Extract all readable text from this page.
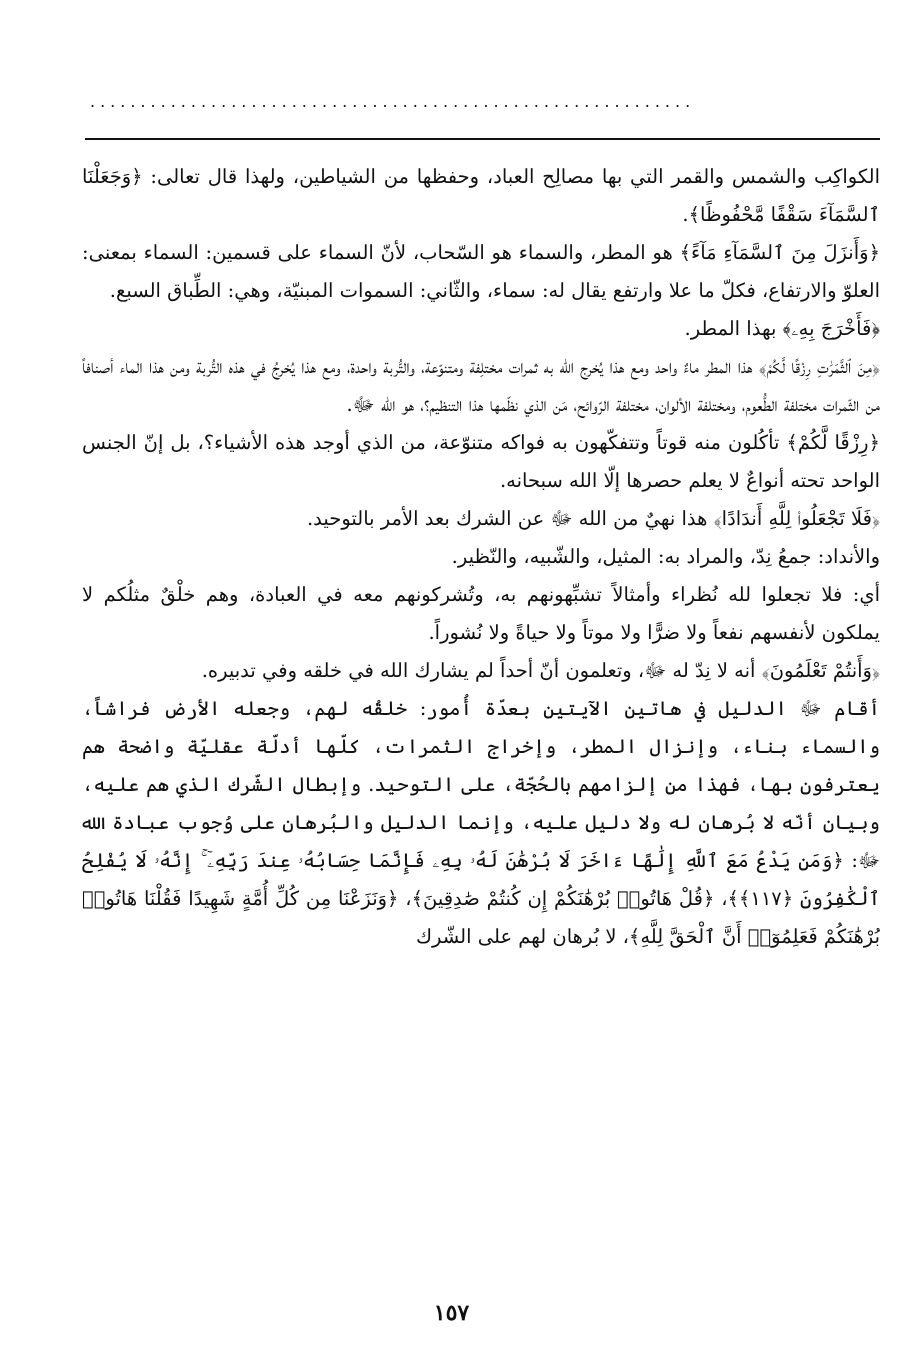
............................................................

الكواكِب والشمس والقمر التي بها مصالِح العباد، وحفظها من الشياطين، ولهذا قال تعالى: ﴿وَجَعَلْنَا ٱلسَّمَآءَ سَقْفًا مَّحْفُوظًا﴾.

﴿وَأَنزَلَ مِنَ ٱلسَّمَآءِ مَآءً﴾ هو المطر، والسماء هو السّحاب، لأنّ السماء على قسمين: السماء بمعنى: العلوّ والارتفاع، فكلّ ما علا وارتفع يقال له: سماء، والثّاني: السموات المبنيّة، وهي: الطِّباق السبع.

﴿فَأَخْرَجَ بِهِۦ﴾ بهذا المطر.

﴿مِنَ ٱلثَّمَرَٰتِ رِزْقًا لَّكُمْ﴾ هذا المطر ماءٌ واحد ومع هذا يُخرج الله به ثمرات مختلِفة ومتنوّعة، والتُّربة واحدة، ومع هذا يُخرجُ في هذه التُّربة ومن هذا الماء أصنافاً من الثّمرات مختلفة الطُّعوم، ومختلفة الألوان، مختلفة الرّوائح، مَن الذي نظّمها هذا التنظيم؟، هو الله ﷻ.

﴿رِزْقًا لَّكُمْ﴾ تأكُلون منه قوتاً وتتفكّهون به فواكه متنوّعة، من الذي أوجد هذه الأشياء؟، بل إنّ الجنس الواحد تحته أنواعٌ لا يعلم حصرها إلّا الله سبحانه.

﴿فَلَا تَجْعَلُوا۟ لِلَّهِ أَندَادًا﴾ هذا نهيٌ من الله ﷻ عن الشرك بعد الأمر بالتوحيد.

والأنداد: جمعُ نِدّ، والمراد به: المثيل، والشّبيه، والنّظير.

أي: فلا تجعلوا لله نُظراء وأمثالاً تشبِّهونهم به، وتُشركونهم معه في العبادة، وهم خلْقٌ مثلُكم لا يملكون لأنفسهم نفعاً ولا ضرًّا ولا موتاً ولا حياةً ولا نُشوراً.

﴿وَأَنتُمْ تَعْلَمُونَ﴾ أنه لا نِدّ له ﷻ، وتعلمون أنّ أحداً لم يشارك الله في خلقه وفي تدبيره.

أقام ﷻ الدليل في هاتين الآيتين بعدّة أُمور: خلقُه لهم، وجعله الأرض فراشاً، والسماء بناء، وإنزال المطر، وإخراج الثمرات، كلّها أدلّة عقليّة واضحة هم يعترفون بها، فهذا من إلزامهم بالحُجّة، على التوحيد. وإبطال الشّرك الذي هم عليه، وبيان أنّه لا بُرهان له ولا دليل عليه، وإنما الدليل والبُرهان على وُجوب عبادة الله ﷻ: ﴿وَمَن يَدْعُ مَعَ ٱللَّهِ إِلَٰهًا ءَاخَرَ لَا بُرْهَٰنَ لَهُۥ بِهِۦ فَإِنَّمَا حِسَابُهُۥ عِندَ رَبِّهِۦٓ ۚ إِنَّهُۥ لَا يُفْلِحُ ٱلْكَٰفِرُونَ ﴿١١٧﴾﴾، ﴿قُلْ هَاتُوا۟ بُرْهَٰنَكُمْ إِن كُنتُمْ صَٰدِقِينَ﴾، ﴿وَنَزَعْنَا مِن كُلِّ أُمَّةٍ شَهِيدًا فَقُلْنَا هَاتُوا۟ بُرْهَٰنَكُمْ فَعَلِمُوٓا۟ أَنَّ ٱلْحَقَّ لِلَّهِ﴾، لا بُرهان لهم على الشّرك

١٥٧
